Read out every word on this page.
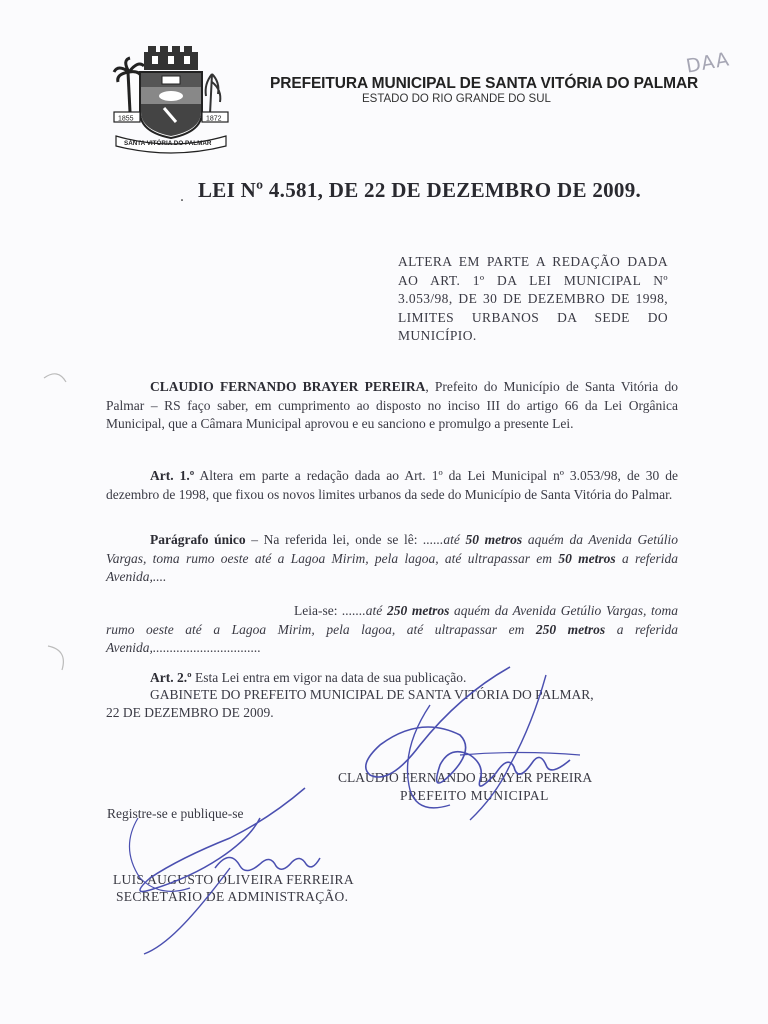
1855	1872
SANTA VITÓRIA DO PALMAR
PREFEITURA MUNICIPAL DE SANTA VITÓRIA DO PALMAR
ESTADO DO RIO GRANDE DO SUL
DAA
. LEI Nº 4.581, DE 22 DE DEZEMBRO DE 2009.
ALTERA EM PARTE A REDAÇÃO DADA AO ART. 1º DA LEI MUNICIPAL Nº 3.053/98, DE 30 DE DEZEMBRO DE 1998, LIMITES URBANOS DA SEDE DO MUNICÍPIO.
CLAUDIO FERNANDO BRAYER PEREIRA, Prefeito do Município de Santa Vitória do Palmar – RS faço saber, em cumprimento ao disposto no inciso III do artigo 66 da Lei Orgânica Municipal, que a Câmara Municipal aprovou e eu sanciono e promulgo a presente Lei.
Art. 1.º Altera em parte a redação dada ao Art. 1º da Lei Municipal nº 3.053/98, de 30 de dezembro de 1998, que fixou os novos limites urbanos da sede do Município de Santa Vitória do Palmar.
Parágrafo único – Na referida lei, onde se lê: ......até 50 metros aquém da Avenida Getúlio Vargas, toma rumo oeste até a Lagoa Mirim, pela lagoa, até ultrapassar em 50 metros a referida Avenida,....
Leia-se: .......até 250 metros aquém da Avenida Getúlio Vargas, toma rumo oeste até a Lagoa Mirim, pela lagoa, até ultrapassar em 250 metros a referida Avenida,................................
Art. 2.º Esta Lei entra em vigor na data de sua publicação.
GABINETE DO PREFEITO MUNICIPAL DE SANTA VITÓRIA DO PALMAR,
22 DE DEZEMBRO DE 2009.
CLAUDIO FERNANDO BRAYER PEREIRA
PREFEITO MUNICIPAL
Registre-se e publique-se
LUIS AUGUSTO OLIVEIRA FERREIRA
SECRETÁRIO DE ADMINISTRAÇÃO.
